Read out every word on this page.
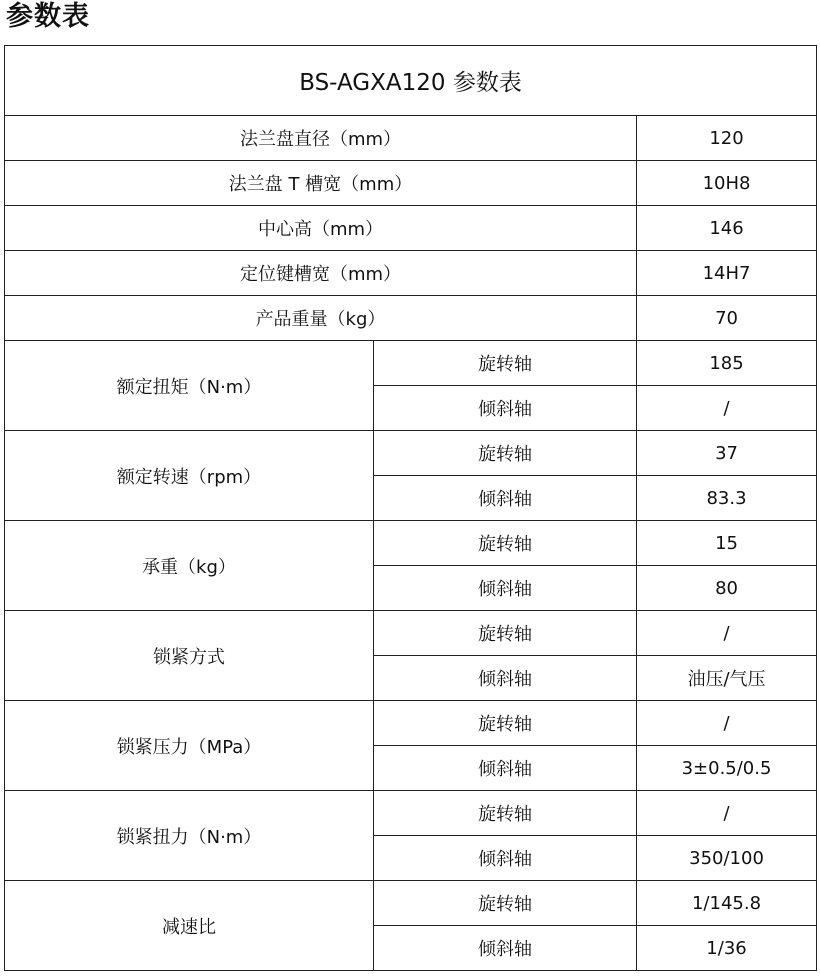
参数表
BS-AGXA120 参数表		
法兰盘直径（mm）		120
法兰盘 T 槽宽（mm）		10H8
中心高（mm）		146
定位键槽宽（mm）		14H7
产品重量（kg）		70
额定扭矩（N·m）	旋转轴	185
	倾斜轴	/
额定转速（rpm）	旋转轴	37
	倾斜轴	83.3
承重（kg）	旋转轴	15
	倾斜轴	80
锁紧方式	旋转轴	/
	倾斜轴	油压/气压
锁紧压力（MPa）	旋转轴	/
	倾斜轴	3±0.5/0.5
锁紧扭力（N·m）	旋转轴	/
	倾斜轴	350/100
减速比	旋转轴	1/145.8
	倾斜轴	1/36
